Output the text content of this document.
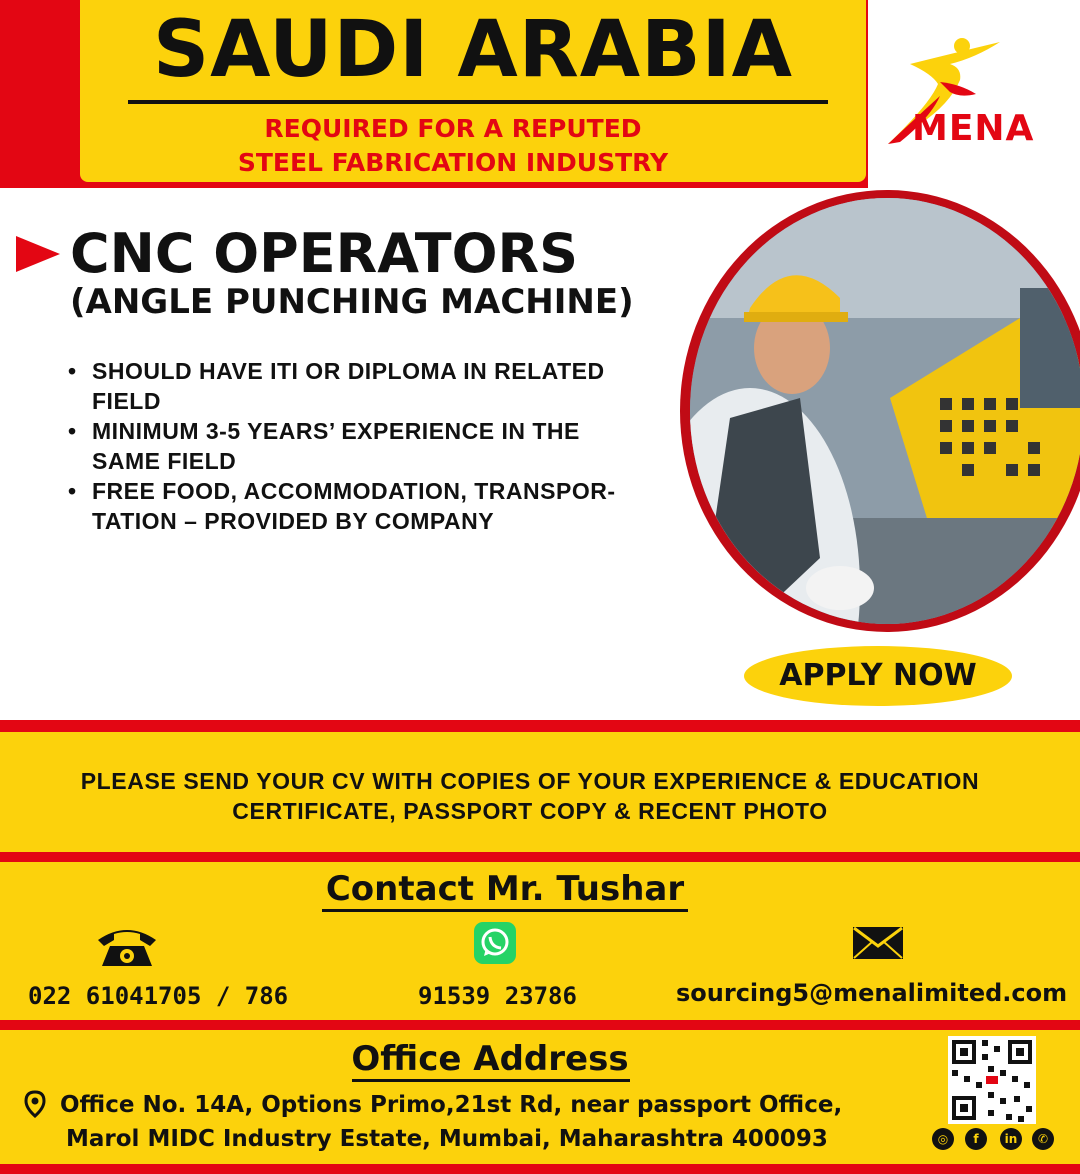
SAUDI ARABIA
REQUIRED FOR A REPUTED
STEEL FABRICATION INDUSTRY
MENA
CNC OPERATORS
(ANGLE PUNCHING MACHINE)
• SHOULD HAVE ITI OR DIPLOMA IN RELATED
FIELD
• MINIMUM 3-5 YEARS’ EXPERIENCE IN THE
SAME FIELD
• FREE FOOD, ACCOMMODATION, TRANSPOR-
TATION – PROVIDED BY COMPANY
APPLY NOW
PLEASE SEND YOUR CV WITH COPIES OF YOUR EXPERIENCE & EDUCATION
CERTIFICATE, PASSPORT COPY & RECENT PHOTO
Contact Mr. Tushar
022 61041705 / 786	91539 23786	sourcing5@menalimited.com
Office Address
Office No. 14A, Options Primo,21st Rd, near passport Office,
Marol MIDC Industry Estate, Mumbai, Maharashtra 400093	◎	f	in	✆
